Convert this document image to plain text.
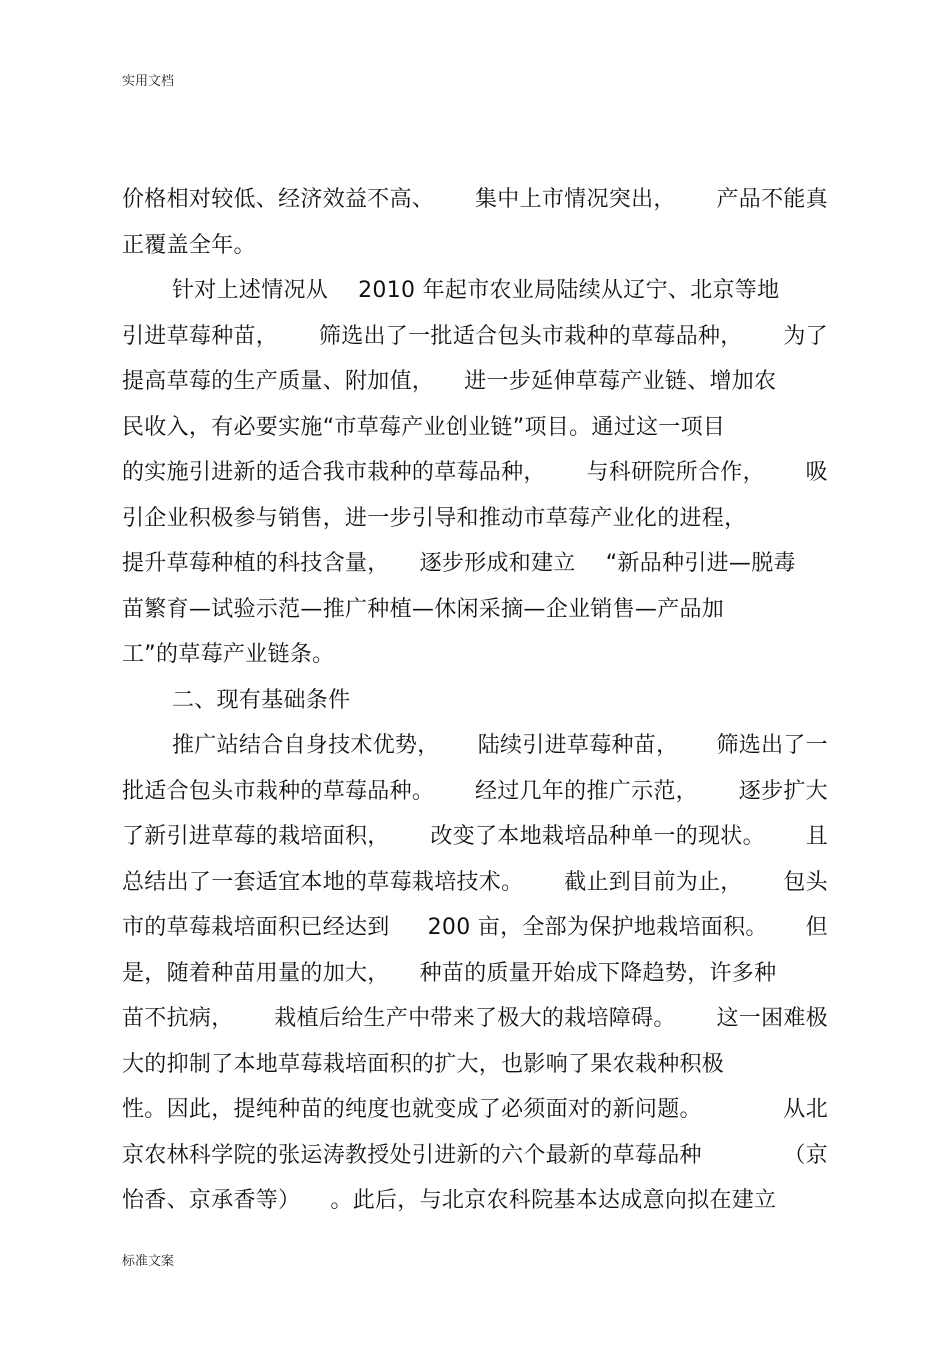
实用文档
价格相对较低、经济效益不高、 集中上市情况突出， 产品不能真
正覆盖全年。
针对上述情况从 2010 年起市农业局陆续从辽宁、北京等地
引进草莓种苗， 筛选出了一批适合包头市栽种的草莓品种， 为了
提高草莓的生产质量、附加值， 进一步延伸草莓产业链、增加农
民收入，有必要实施“市草莓产业创业链”项目。通过这一项目
的实施引进新的适合我市栽种的草莓品种， 与科研院所合作， 吸
引企业积极参与销售，进一步引导和推动市草莓产业化的进程，
提升草莓种植的科技含量， 逐步形成和建立 “新品种引进—脱毒
苗繁育—试验示范—推广种植—休闲采摘—企业销售—产品加
工”的草莓产业链条。
二、现有基础条件
推广站结合自身技术优势， 陆续引进草莓种苗， 筛选出了一
批适合包头市栽种的草莓品种。 经过几年的推广示范， 逐步扩大
了新引进草莓的栽培面积， 改变了本地栽培品种单一的现状。 且
总结出了一套适宜本地的草莓栽培技术。 截止到目前为止， 包头
市的草莓栽培面积已经达到 200 亩，全部为保护地栽培面积。 但
是，随着种苗用量的加大， 种苗的质量开始成下降趋势，许多种
苗不抗病， 栽植后给生产中带来了极大的栽培障碍。 这一困难极
大的抑制了本地草莓栽培面积的扩大，也影响了果农栽种积极
性。因此，提纯种苗的纯度也就变成了必须面对的新问题。	从北
京农林科学院的张运涛教授处引进新的六个最新的草莓品种	（京
怡香、京承香等） 。此后，与北京农科院基本达成意向拟在建立
标准文案
